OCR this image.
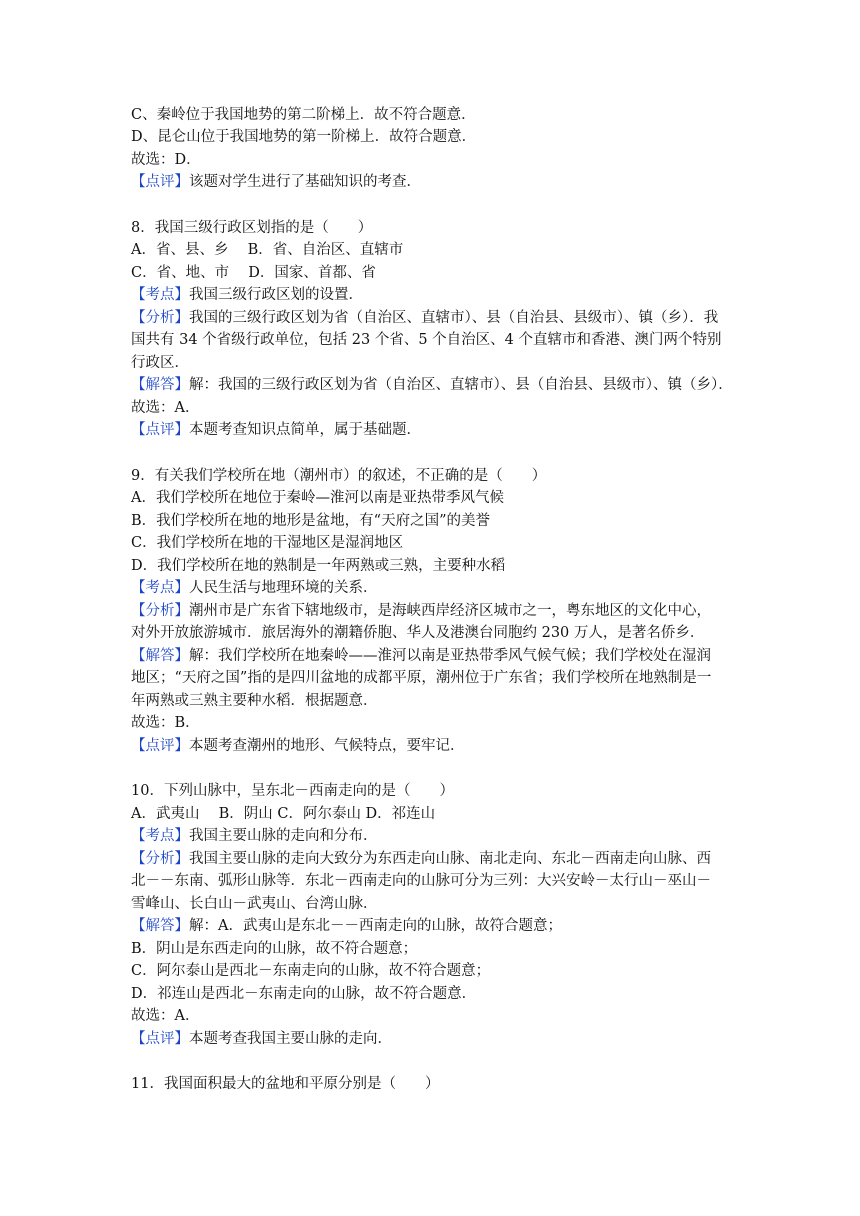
C、秦岭位于我国地势的第二阶梯上．故不符合题意．
D、昆仑山位于我国地势的第一阶梯上．故符合题意．
故选：D．
【点评】该题对学生进行了基础知识的考查．
8．我国三级行政区划指的是（　　）
A．省、县、乡　 B．省、自治区、直辖市
C．省、地、市　 D．国家、首都、省
【考点】我国三级行政区划的设置．
【分析】我国的三级行政区划为省（自治区、直辖市）、县（自治县、县级市）、镇（乡）．我
国共有 34 个省级行政单位，包括 23 个省、5 个自治区、4 个直辖市和香港、澳门两个特别
行政区．
【解答】解：我国的三级行政区划为省（自治区、直辖市）、县（自治县、县级市）、镇（乡）．
故选：A．
【点评】本题考查知识点简单，属于基础题．
9．有关我们学校所在地（潮州市）的叙述，不正确的是（　　）
A．我们学校所在地位于秦岭—淮河以南是亚热带季风气候
B．我们学校所在地的地形是盆地，有“天府之国”的美誉
C．我们学校所在地的干湿地区是湿润地区
D．我们学校所在地的熟制是一年两熟或三熟，主要种水稻
【考点】人民生活与地理环境的关系．
【分析】潮州市是广东省下辖地级市，是海峡西岸经济区城市之一，粤东地区的文化中心，
对外开放旅游城市．旅居海外的潮籍侨胞、华人及港澳台同胞约 230 万人，是著名侨乡．
【解答】解：我们学校所在地秦岭——淮河以南是亚热带季风气候气候；我们学校处在湿润
地区；“天府之国”指的是四川盆地的成都平原，潮州位于广东省；我们学校所在地熟制是一
年两熟或三熟主要种水稻．根据题意．
故选：B．
【点评】本题考查潮州的地形、气候特点，要牢记．
10．下列山脉中，呈东北－西南走向的是（　　）
A．武夷山　 B．阴山 C．阿尔泰山 D．祁连山
【考点】我国主要山脉的走向和分布．
【分析】我国主要山脉的走向大致分为东西走向山脉、南北走向、东北－西南走向山脉、西
北－－东南、弧形山脉等．东北－西南走向的山脉可分为三列：大兴安岭－太行山－巫山－
雪峰山、长白山－武夷山、台湾山脉．
【解答】解：A．武夷山是东北－－西南走向的山脉，故符合题意；
B．阴山是东西走向的山脉，故不符合题意；
C．阿尔泰山是西北－东南走向的山脉，故不符合题意；
D．祁连山是西北－东南走向的山脉，故不符合题意．
故选：A．
【点评】本题考查我国主要山脉的走向．
11．我国面积最大的盆地和平原分别是（　　）
